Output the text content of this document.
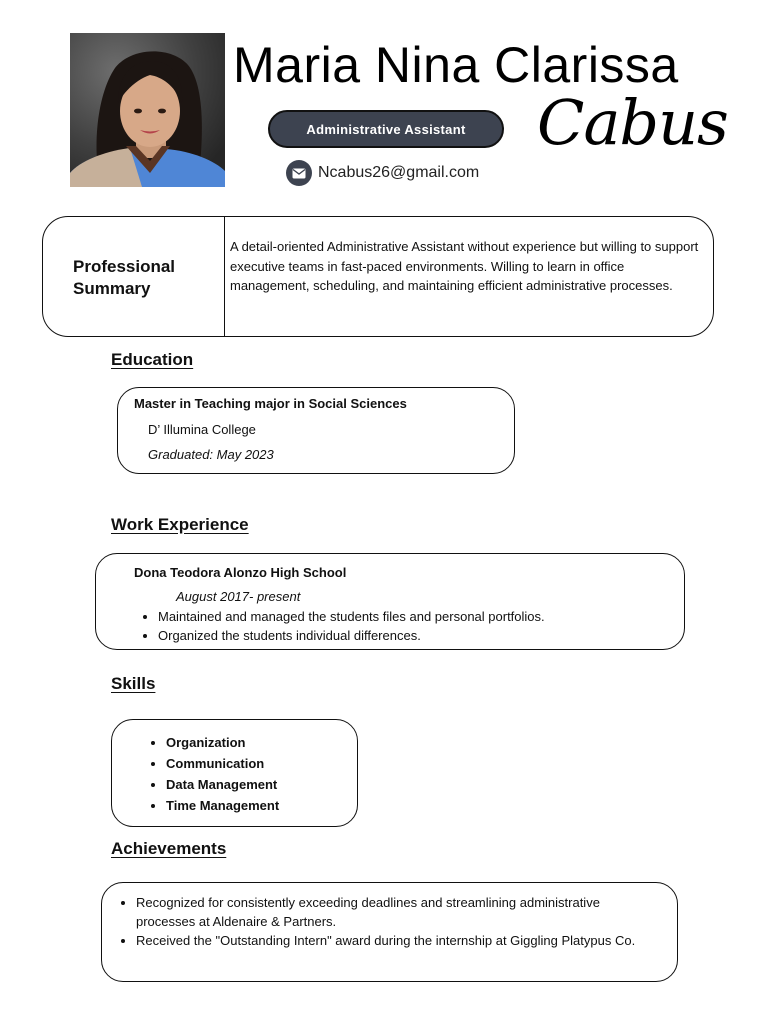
Maria Nina Clarissa
Cabus
Administrative Assistant
Ncabus26@gmail.com
Professional Summary
A detail-oriented Administrative Assistant without experience but willing to support executive teams in fast-paced environments. Willing to learn in office management, scheduling, and maintaining efficient administrative processes.
Education
Master in Teaching major in Social Sciences
D’ Illumina College
Graduated: May 2023
Work Experience
Dona Teodora Alonzo High School
August 2017- present
• Maintained and managed the students files and personal portfolios.
• Organized the students individual differences.
Skills
• Organization
• Communication
• Data Management
• Time Management
Achievements
• Recognized for consistently exceeding deadlines and streamlining administrative processes at Aldenaire & Partners.
• Received the "Outstanding Intern" award during the internship at Giggling Platypus Co.
